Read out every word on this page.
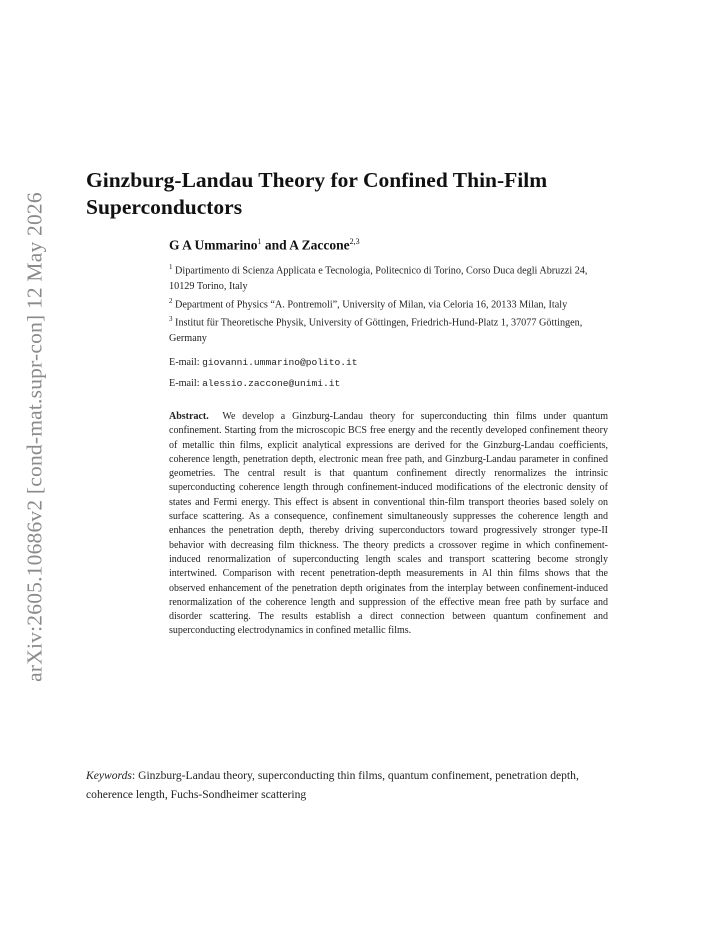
arXiv:2605.10686v2 [cond-mat.supr-con] 12 May 2026
Ginzburg-Landau Theory for Confined Thin-Film Superconductors
G A Ummarino$^1$ and A Zaccone$^{2,3}$
$^1$ Dipartimento di Scienza Applicata e Tecnologia, Politecnico di Torino, Corso Duca degli Abruzzi 24, 10129 Torino, Italy
$^2$ Department of Physics “A. Pontremoli”, University of Milan, via Celoria 16, 20133 Milan, Italy
$^3$ Institut für Theoretische Physik, University of Göttingen, Friedrich-Hund-Platz 1, 37077 Göttingen, Germany
E-mail: giovanni.ummarino@polito.it
E-mail: alessio.zaccone@unimi.it

Abstract. We develop a Ginzburg-Landau theory for superconducting thin films under quantum confinement. Starting from the microscopic BCS free energy and the recently developed confinement theory of metallic thin films, explicit analytical expressions are derived for the Ginzburg-Landau coefficients, coherence length, penetration depth, electronic mean free path, and Ginzburg-Landau parameter in confined geometries. The central result is that quantum confinement directly renormalizes the intrinsic superconducting coherence length through confinement-induced modifications of the electronic density of states and Fermi energy. This effect is absent in conventional thin-film transport theories based solely on surface scattering. As a consequence, confinement simultaneously suppresses the coherence length and enhances the penetration depth, thereby driving superconductors toward progressively stronger type-II behavior with decreasing film thickness. The theory predicts a crossover regime in which confinement-induced renormalization of superconducting length scales and transport scattering become strongly intertwined. Comparison with recent penetration-depth measurements in Al thin films shows that the observed enhancement of the penetration depth originates from the interplay between confinement-induced renormalization of the coherence length and suppression of the effective mean free path by surface and disorder scattering. The results establish a direct connection between quantum confinement and superconducting electrodynamics in confined metallic films.

Keywords: Ginzburg-Landau theory, superconducting thin films, quantum confinement, penetration depth, coherence length, Fuchs-Sondheimer scattering
